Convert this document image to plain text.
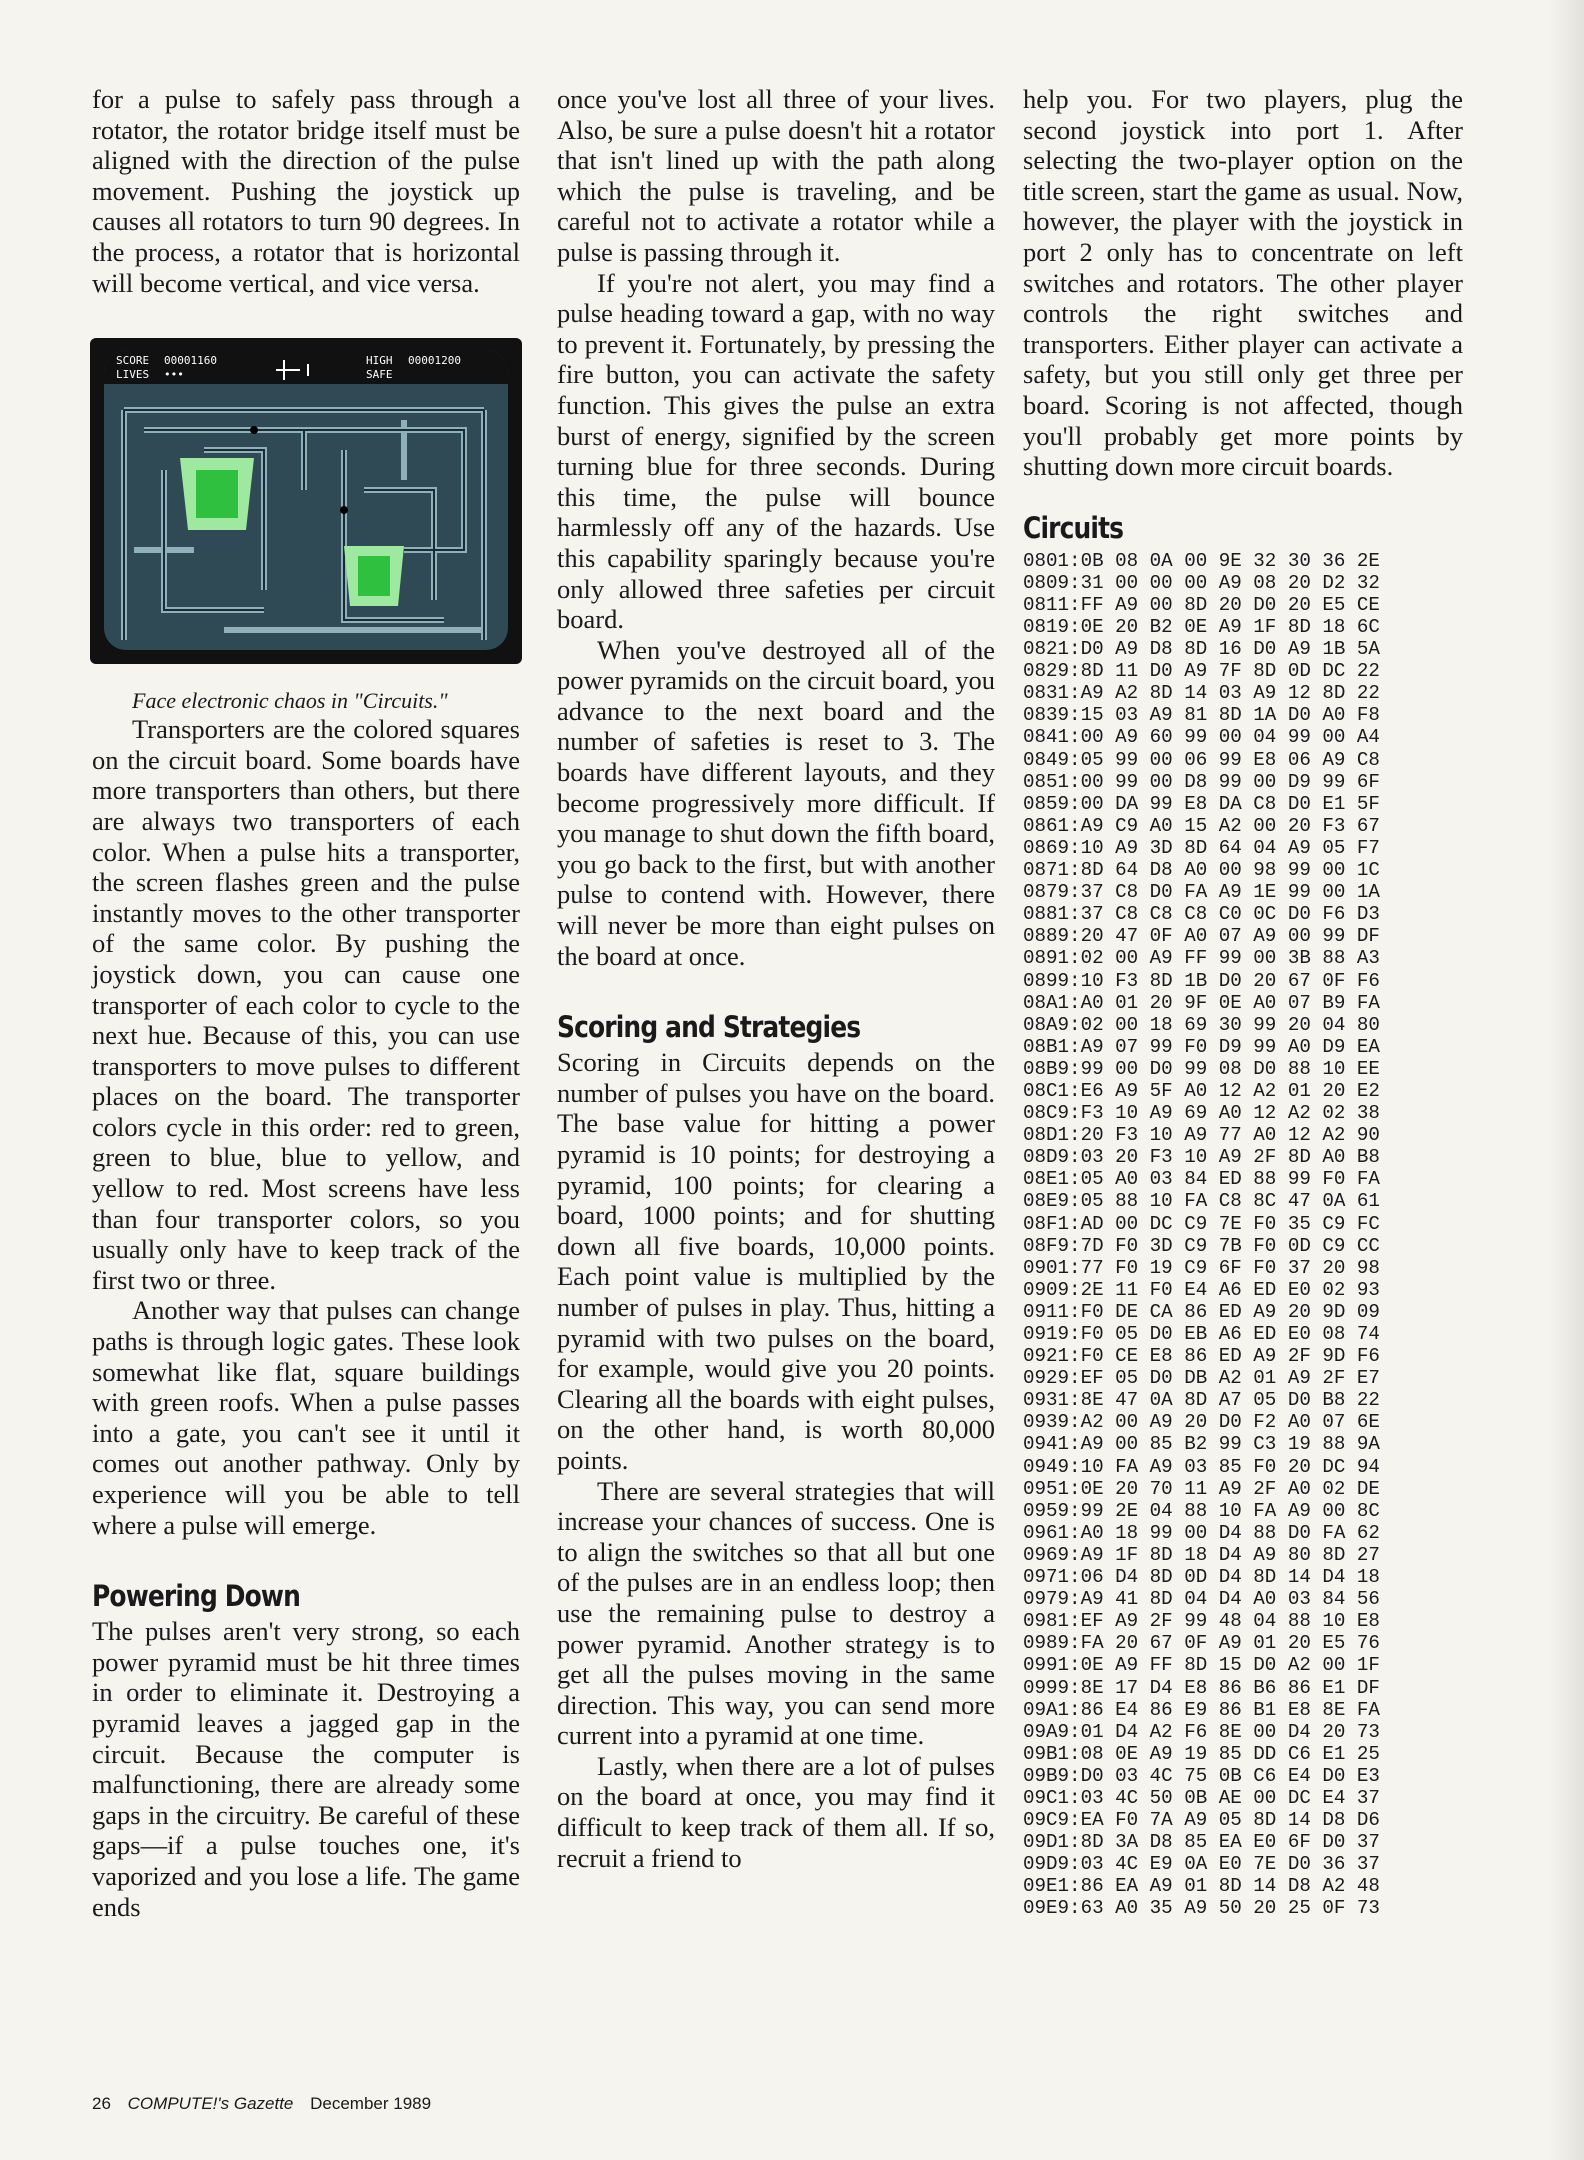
for a pulse to safely pass through a rotator, the rotator bridge itself must be aligned with the direction of the pulse movement. Pushing the joystick up causes all rotators to turn 90 degrees. In the process, a rotator that is horizontal will become vertical, and vice versa.

SCORE 00001160
LIVES •••
HIGH 00001200
SAFE

Face electronic chaos in "Circuits."

Transporters are the colored squares on the circuit board. Some boards have more transporters than others, but there are always two transporters of each color. When a pulse hits a transporter, the screen flashes green and the pulse instantly moves to the other transporter of the same color. By pushing the joystick down, you can cause one transporter of each color to cycle to the next hue. Because of this, you can use transporters to move pulses to different places on the board. The transporter colors cycle in this order: red to green, green to blue, blue to yellow, and yellow to red. Most screens have less than four transporter colors, so you usually only have to keep track of the first two or three.

Another way that pulses can change paths is through logic gates. These look somewhat like flat, square buildings with green roofs. When a pulse passes into a gate, you can't see it until it comes out another pathway. Only by experience will you be able to tell where a pulse will emerge.

Powering Down

The pulses aren't very strong, so each power pyramid must be hit three times in order to eliminate it. Destroying a pyramid leaves a jagged gap in the circuit. Because the computer is malfunctioning, there are already some gaps in the circuitry. Be careful of these gaps—if a pulse touches one, it's vaporized and you lose a life. The game ends

once you've lost all three of your lives. Also, be sure a pulse doesn't hit a rotator that isn't lined up with the path along which the pulse is traveling, and be careful not to activate a rotator while a pulse is passing through it.

If you're not alert, you may find a pulse heading toward a gap, with no way to prevent it. Fortunately, by pressing the fire button, you can activate the safety function. This gives the pulse an extra burst of energy, signified by the screen turning blue for three seconds. During this time, the pulse will bounce harmlessly off any of the hazards. Use this capability sparingly because you're only allowed three safeties per circuit board.

When you've destroyed all of the power pyramids on the circuit board, you advance to the next board and the number of safeties is reset to 3. The boards have different layouts, and they become progressively more difficult. If you manage to shut down the fifth board, you go back to the first, but with another pulse to contend with. However, there will never be more than eight pulses on the board at once.

Scoring and Strategies

Scoring in Circuits depends on the number of pulses you have on the board. The base value for hitting a power pyramid is 10 points; for destroying a pyramid, 100 points; for clearing a board, 1000 points; and for shutting down all five boards, 10,000 points. Each point value is multiplied by the number of pulses in play. Thus, hitting a pyramid with two pulses on the board, for example, would give you 20 points. Clearing all the boards with eight pulses, on the other hand, is worth 80,000 points.

There are several strategies that will increase your chances of success. One is to align the switches so that all but one of the pulses are in an endless loop; then use the remaining pulse to destroy a power pyramid. Another strategy is to get all the pulses moving in the same direction. This way, you can send more current into a pyramid at one time.

Lastly, when there are a lot of pulses on the board at once, you may find it difficult to keep track of them all. If so, recruit a friend to

help you. For two players, plug the second joystick into port 1. After selecting the two-player option on the title screen, start the game as usual. Now, however, the player with the joystick in port 2 only has to concentrate on left switches and rotators. The other player controls the right switches and transporters. Either player can activate a safety, but you still only get three per board. Scoring is not affected, though you'll probably get more points by shutting down more circuit boards.

Circuits
0801:0B 08 0A 00 9E 32 30 36 2E
0809:31 00 00 00 A9 08 20 D2 32
0811:FF A9 00 8D 20 D0 20 E5 CE
0819:0E 20 B2 0E A9 1F 8D 18 6C
0821:D0 A9 D8 8D 16 D0 A9 1B 5A
0829:8D 11 D0 A9 7F 8D 0D DC 22
0831:A9 A2 8D 14 03 A9 12 8D 22
0839:15 03 A9 81 8D 1A D0 A0 F8
0841:00 A9 60 99 00 04 99 00 A4
0849:05 99 00 06 99 E8 06 A9 C8
0851:00 99 00 D8 99 00 D9 99 6F
0859:00 DA 99 E8 DA C8 D0 E1 5F
0861:A9 C9 A0 15 A2 00 20 F3 67
0869:10 A9 3D 8D 64 04 A9 05 F7
0871:8D 64 D8 A0 00 98 99 00 1C
0879:37 C8 D0 FA A9 1E 99 00 1A
0881:37 C8 C8 C8 C0 0C D0 F6 D3
0889:20 47 0F A0 07 A9 00 99 DF
0891:02 00 A9 FF 99 00 3B 88 A3
0899:10 F3 8D 1B D0 20 67 0F F6
08A1:A0 01 20 9F 0E A0 07 B9 FA
08A9:02 00 18 69 30 99 20 04 80
08B1:A9 07 99 F0 D9 99 A0 D9 EA
08B9:99 00 D0 99 08 D0 88 10 EE
08C1:E6 A9 5F A0 12 A2 01 20 E2
08C9:F3 10 A9 69 A0 12 A2 02 38
08D1:20 F3 10 A9 77 A0 12 A2 90
08D9:03 20 F3 10 A9 2F 8D A0 B8
08E1:05 A0 03 84 ED 88 99 F0 FA
08E9:05 88 10 FA C8 8C 47 0A 61
08F1:AD 00 DC C9 7E F0 35 C9 FC
08F9:7D F0 3D C9 7B F0 0D C9 CC
0901:77 F0 19 C9 6F F0 37 20 98
0909:2E 11 F0 E4 A6 ED E0 02 93
0911:F0 DE CA 86 ED A9 20 9D 09
0919:F0 05 D0 EB A6 ED E0 08 74
0921:F0 CE E8 86 ED A9 2F 9D F6
0929:EF 05 D0 DB A2 01 A9 2F E7
0931:8E 47 0A 8D A7 05 D0 B8 22
0939:A2 00 A9 20 D0 F2 A0 07 6E
0941:A9 00 85 B2 99 C3 19 88 9A
0949:10 FA A9 03 85 F0 20 DC 94
0951:0E 20 70 11 A9 2F A0 02 DE
0959:99 2E 04 88 10 FA A9 00 8C
0961:A0 18 99 00 D4 88 D0 FA 62
0969:A9 1F 8D 18 D4 A9 80 8D 27
0971:06 D4 8D 0D D4 8D 14 D4 18
0979:A9 41 8D 04 D4 A0 03 84 56
0981:EF A9 2F 99 48 04 88 10 E8
0989:FA 20 67 0F A9 01 20 E5 76
0991:0E A9 FF 8D 15 D0 A2 00 1F
0999:8E 17 D4 E8 86 B6 86 E1 DF
09A1:86 E4 86 E9 86 B1 E8 8E FA
09A9:01 D4 A2 F6 8E 00 D4 20 73
09B1:08 0E A9 19 85 DD C6 E1 25
09B9:D0 03 4C 75 0B C6 E4 D0 E3
09C1:03 4C 50 0B AE 00 DC E4 37
09C9:EA F0 7A A9 05 8D 14 D8 D6
09D1:8D 3A D8 85 EA E0 6F D0 37
09D9:03 4C E9 0A E0 7E D0 36 37
09E1:86 EA A9 01 8D 14 D8 A2 48
09E9:63 A0 35 A9 50 20 25 0F 73
26 COMPUTE!'s Gazette December 1989
